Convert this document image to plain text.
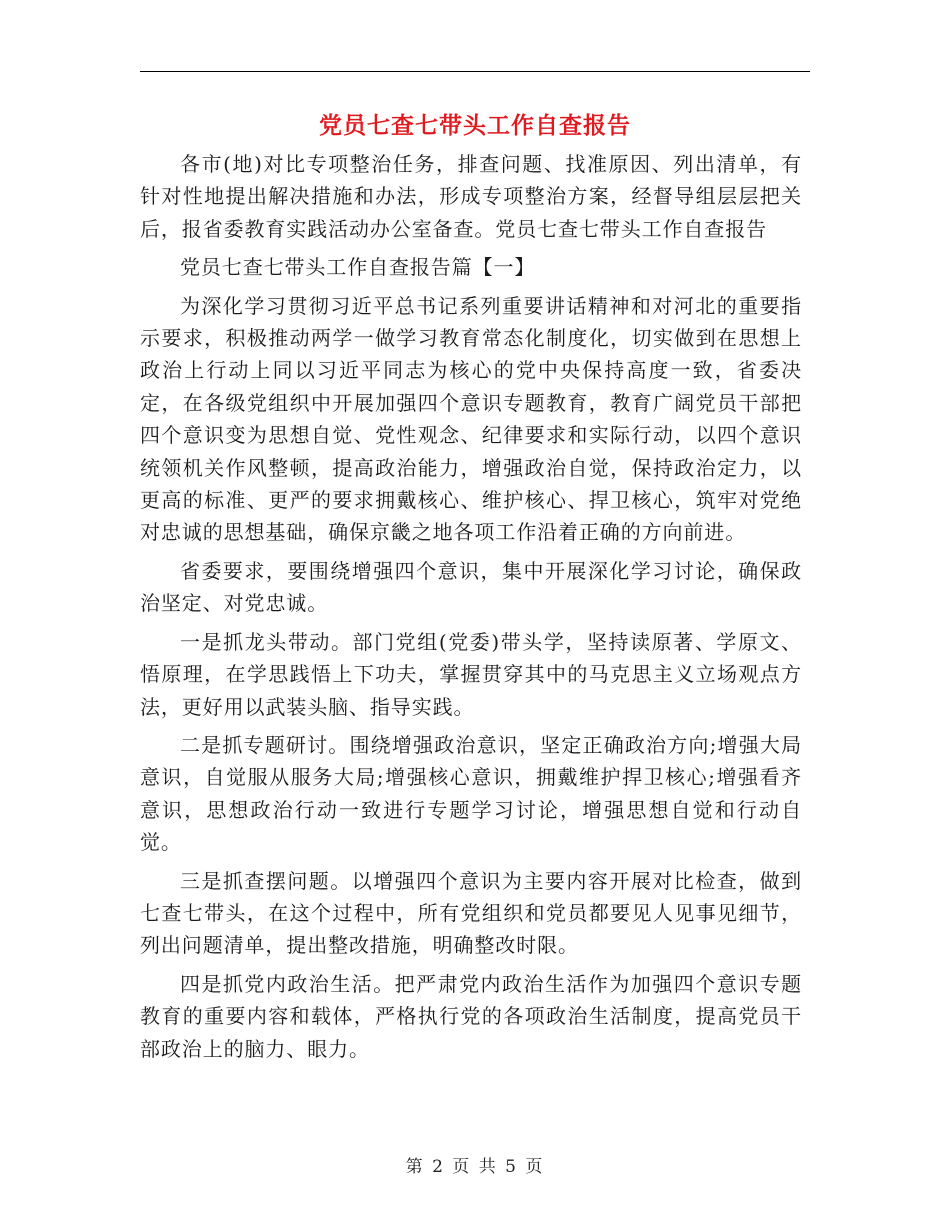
党员七查七带头工作自查报告

各市(地)对比专项整治任务，排查问题、找准原因、列出清单，有针对性地提出解决措施和办法，形成专项整治方案，经督导组层层把关后，报省委教育实践活动办公室备查。党员七查七带头工作自查报告

党员七查七带头工作自查报告篇【一】

为深化学习贯彻习近平总书记系列重要讲话精神和对河北的重要指示要求，积极推动两学一做学习教育常态化制度化，切实做到在思想上政治上行动上同以习近平同志为核心的党中央保持高度一致，省委决定，在各级党组织中开展加强四个意识专题教育，教育广阔党员干部把四个意识变为思想自觉、党性观念、纪律要求和实际行动，以四个意识统领机关作风整顿，提高政治能力，增强政治自觉，保持政治定力，以更高的标准、更严的要求拥戴核心、维护核心、捍卫核心，筑牢对党绝对忠诚的思想基础，确保京畿之地各项工作沿着正确的方向前进。

省委要求，要围绕增强四个意识，集中开展深化学习讨论，确保政治坚定、对党忠诚。

一是抓龙头带动。部门党组(党委)带头学，坚持读原著、学原文、悟原理，在学思践悟上下功夫，掌握贯穿其中的马克思主义立场观点方法，更好用以武装头脑、指导实践。

二是抓专题研讨。围绕增强政治意识，坚定正确政治方向;增强大局意识，自觉服从服务大局;增强核心意识，拥戴维护捍卫核心;增强看齐意识，思想政治行动一致进行专题学习讨论，增强思想自觉和行动自觉。

三是抓查摆问题。以增强四个意识为主要内容开展对比检查，做到七查七带头，在这个过程中，所有党组织和党员都要见人见事见细节，列出问题清单，提出整改措施，明确整改时限。

四是抓党内政治生活。把严肃党内政治生活作为加强四个意识专题教育的重要内容和载体，严格执行党的各项政治生活制度，提高党员干部政治上的脑力、眼力。

第 2 页 共 5 页
